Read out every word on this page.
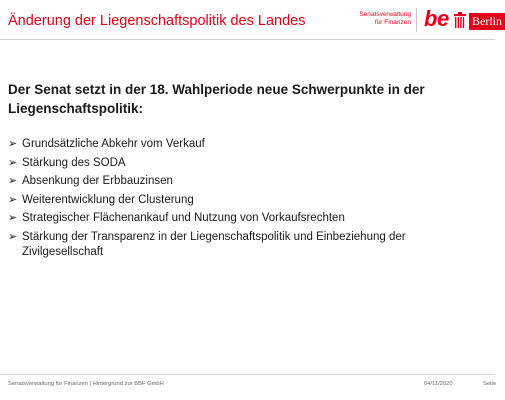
Änderung der Liegenschaftspolitik des Landes	Senatsverwaltung
für Finanzen be Berlin
Der Senat setzt in der 18. Wahlperiode neue Schwerpunkte in der Liegenschaftspolitik:
➢ Grundsätzliche Abkehr vom Verkauf
➢ Stärkung des SODA
➢ Absenkung der Erbbauzinsen
➢ Weiterentwicklung der Clusterung
➢ Strategischer Flächenankauf und Nutzung von Vorkaufsrechten
➢ Stärkung der Transparenz in der Liegenschaftspolitik und Einbeziehung der Zivilgesellschaft
Senatsverwaltung für Finanzen | Hintergrund zur BBF GmbH	04/11/2020	Seite
